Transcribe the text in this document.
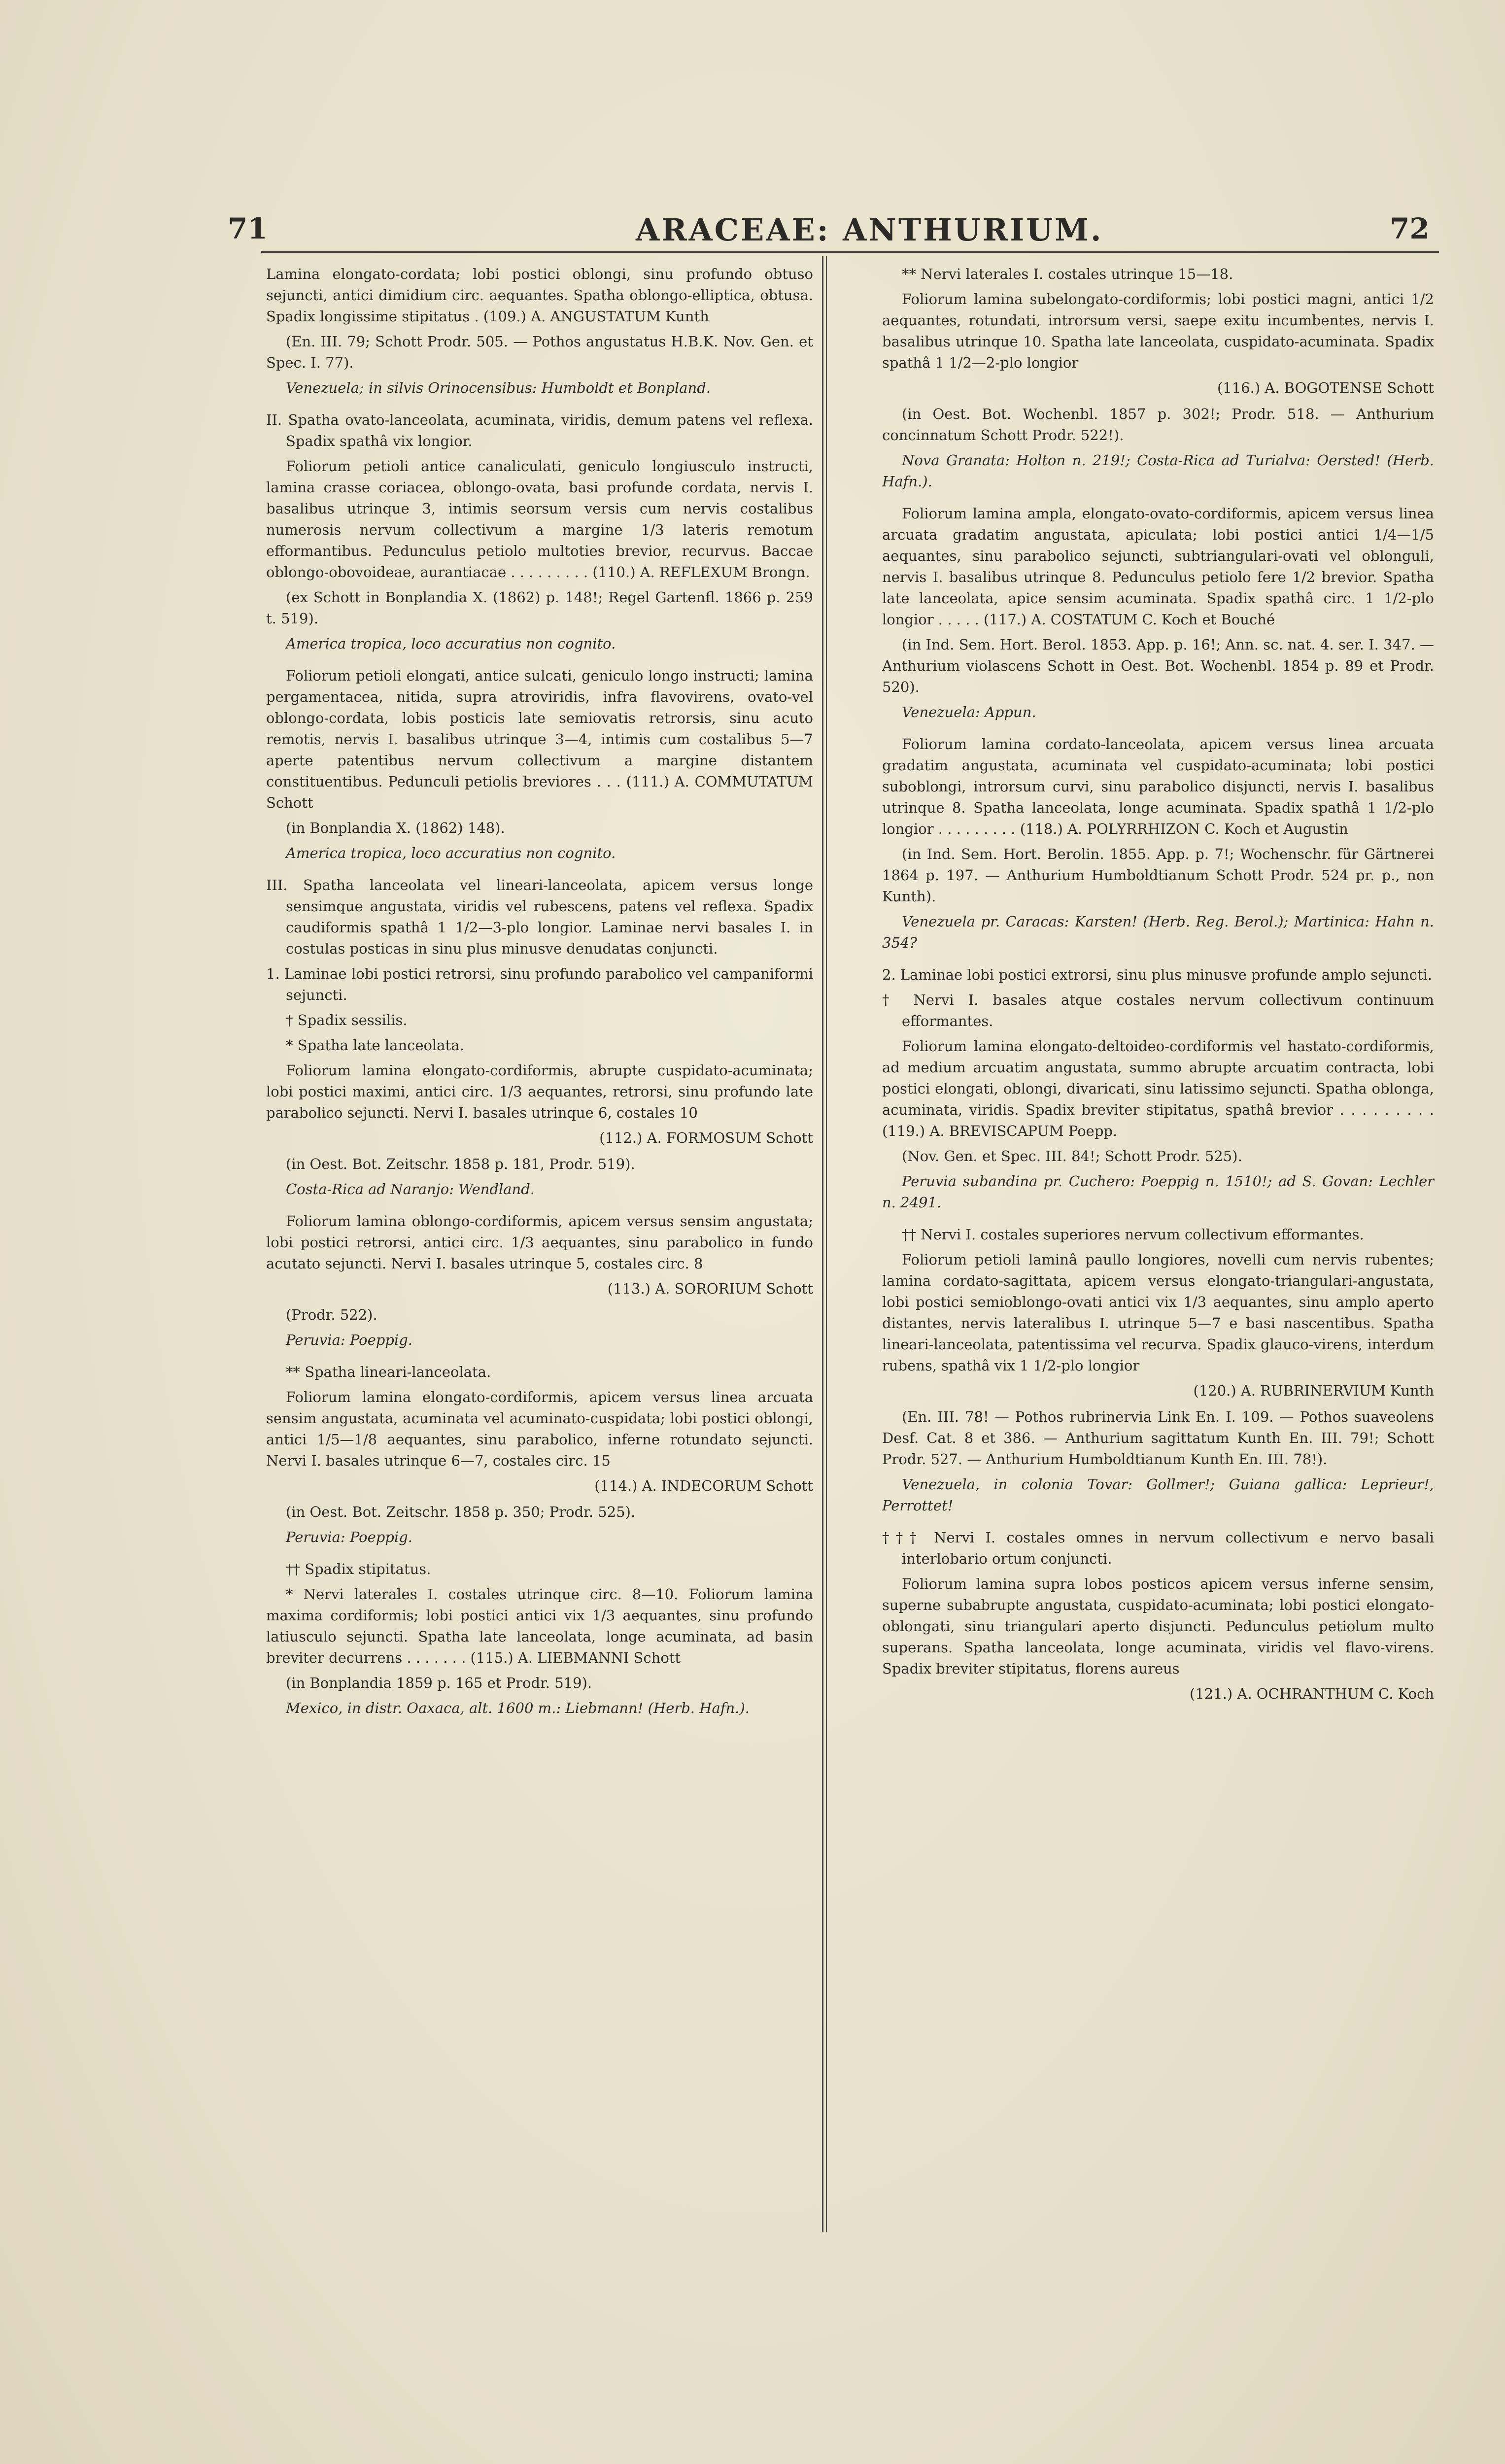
71	ARACEAE: ANTHURIUM.	72

Lamina elongato-cordata; lobi postici oblongi, sinu profundo obtuso sejuncti, antici dimidium circ. aequantes. Spatha oblongo-elliptica, obtusa. Spadix longissime stipitatus . (109.) A. ANGUSTATUM Kunth

(En. III. 79; Schott Prodr. 505. — Pothos angustatus H.B.K. Nov. Gen. et Spec. I. 77).

Venezuela; in silvis Orinocensibus: Humboldt et Bonpland.

II. Spatha ovato-lanceolata, acuminata, viridis, demum patens vel reflexa. Spadix spathâ vix longior.

Foliorum petioli antice canaliculati, geniculo longiusculo instructi, lamina crasse coriacea, oblongo-ovata, basi profunde cordata, nervis I. basalibus utrinque 3, intimis seorsum versis cum nervis costalibus numerosis nervum collectivum a margine 1/3 lateris remotum efformantibus. Pedunculus petiolo multoties brevior, recurvus. Baccae oblongo-obovoideae, aurantiacae . . . . . . . . . (110.) A. REFLEXUM Brongn.

(ex Schott in Bonplandia X. (1862) p. 148!; Regel Gartenfl. 1866 p. 259 t. 519).

America tropica, loco accuratius non cognito.

Foliorum petioli elongati, antice sulcati, geniculo longo instructi; lamina pergamentacea, nitida, supra atroviridis, infra flavovirens, ovato-vel oblongo-cordata, lobis posticis late semiovatis retrorsis, sinu acuto remotis, nervis I. basalibus utrinque 3—4, intimis cum costalibus 5—7 aperte patentibus nervum collectivum a margine distantem constituentibus. Pedunculi petiolis breviores . . . (111.) A. COMMUTATUM Schott

(in Bonplandia X. (1862) 148).

America tropica, loco accuratius non cognito.

III. Spatha lanceolata vel lineari-lanceolata, apicem versus longe sensimque angustata, viridis vel rubescens, patens vel reflexa. Spadix caudiformis spathâ 1 1/2—3-plo longior. Laminae nervi basales I. in costulas posticas in sinu plus minusve denudatas conjuncti.

1. Laminae lobi postici retrorsi, sinu profundo parabolico vel campaniformi sejuncti.

† Spadix sessilis.

* Spatha late lanceolata.

Foliorum lamina elongato-cordiformis, abrupte cuspidato-acuminata; lobi postici maximi, antici circ. 1/3 aequantes, retrorsi, sinu profundo late parabolico sejuncti. Nervi I. basales utrinque 6, costales 10

(112.) A. FORMOSUM Schott

(in Oest. Bot. Zeitschr. 1858 p. 181, Prodr. 519).

Costa-Rica ad Naranjo: Wendland.

Foliorum lamina oblongo-cordiformis, apicem versus sensim angustata; lobi postici retrorsi, antici circ. 1/3 aequantes, sinu parabolico in fundo acutato sejuncti. Nervi I. basales utrinque 5, costales circ. 8

(113.) A. SORORIUM Schott

(Prodr. 522).

Peruvia: Poeppig.

** Spatha lineari-lanceolata.

Foliorum lamina elongato-cordiformis, apicem versus linea arcuata sensim angustata, acuminata vel acuminato-cuspidata; lobi postici oblongi, antici 1/5—1/8 aequantes, sinu parabolico, inferne rotundato sejuncti. Nervi I. basales utrinque 6—7, costales circ. 15

(114.) A. INDECORUM Schott

(in Oest. Bot. Zeitschr. 1858 p. 350; Prodr. 525).

Peruvia: Poeppig.

†† Spadix stipitatus.

* Nervi laterales I. costales utrinque circ. 8—10. Foliorum lamina maxima cordiformis; lobi postici antici vix 1/3 aequantes, sinu profundo latiusculo sejuncti. Spatha late lanceolata, longe acuminata, ad basin breviter decurrens . . . . . . . (115.) A. LIEBMANNI Schott

(in Bonplandia 1859 p. 165 et Prodr. 519).

Mexico, in distr. Oaxaca, alt. 1600 m.: Liebmann! (Herb. Hafn.).

** Nervi laterales I. costales utrinque 15—18.

Foliorum lamina subelongato-cordiformis; lobi postici magni, antici 1/2 aequantes, rotundati, introrsum versi, saepe exitu incumbentes, nervis I. basalibus utrinque 10. Spatha late lanceolata, cuspidato-acuminata. Spadix spathâ 1 1/2—2-plo longior

(116.) A. BOGOTENSE Schott

(in Oest. Bot. Wochenbl. 1857 p. 302!; Prodr. 518. — Anthurium concinnatum Schott Prodr. 522!).

Nova Granata: Holton n. 219!; Costa-Rica ad Turialva: Oersted! (Herb. Hafn.).

Foliorum lamina ampla, elongato-ovato-cordiformis, apicem versus linea arcuata gradatim angustata, apiculata; lobi postici antici 1/4—1/5 aequantes, sinu parabolico sejuncti, subtriangulari-ovati vel oblonguli, nervis I. basalibus utrinque 8. Pedunculus petiolo fere 1/2 brevior. Spatha late lanceolata, apice sensim acuminata. Spadix spathâ circ. 1 1/2-plo longior . . . . . (117.) A. COSTATUM C. Koch et Bouché

(in Ind. Sem. Hort. Berol. 1853. App. p. 16!; Ann. sc. nat. 4. ser. I. 347. — Anthurium violascens Schott in Oest. Bot. Wochenbl. 1854 p. 89 et Prodr. 520).

Venezuela: Appun.

Foliorum lamina cordato-lanceolata, apicem versus linea arcuata gradatim angustata, acuminata vel cuspidato-acuminata; lobi postici suboblongi, introrsum curvi, sinu parabolico disjuncti, nervis I. basalibus utrinque 8. Spatha lanceolata, longe acuminata. Spadix spathâ 1 1/2-plo longior . . . . . . . . . (118.) A. POLYRRHIZON C. Koch et Augustin

(in Ind. Sem. Hort. Berolin. 1855. App. p. 7!; Wochenschr. für Gärtnerei 1864 p. 197. — Anthurium Humboldtianum Schott Prodr. 524 pr. p., non Kunth).

Venezuela pr. Caracas: Karsten! (Herb. Reg. Berol.); Martinica: Hahn n. 354?

2. Laminae lobi postici extrorsi, sinu plus minusve profunde amplo sejuncti.

† Nervi I. basales atque costales nervum collectivum continuum efformantes.

Foliorum lamina elongato-deltoideo-cordiformis vel hastato-cordiformis, ad medium arcuatim angustata, summo abrupte arcuatim contracta, lobi postici elongati, oblongi, divaricati, sinu latissimo sejuncti. Spatha oblonga, acuminata, viridis. Spadix breviter stipitatus, spathâ brevior . . . . . . . . . (119.) A. BREVISCAPUM Poepp.

(Nov. Gen. et Spec. III. 84!; Schott Prodr. 525).

Peruvia subandina pr. Cuchero: Poeppig n. 1510!; ad S. Govan: Lechler n. 2491.

†† Nervi I. costales superiores nervum collectivum efformantes.

Foliorum petioli laminâ paullo longiores, novelli cum nervis rubentes; lamina cordato-sagittata, apicem versus elongato-triangulari-angustata, lobi postici semioblongo-ovati antici vix 1/3 aequantes, sinu amplo aperto distantes, nervis lateralibus I. utrinque 5—7 e basi nascentibus. Spatha lineari-lanceolata, patentissima vel recurva. Spadix glauco-virens, interdum rubens, spathâ vix 1 1/2-plo longior

(120.) A. RUBRINERVIUM Kunth

(En. III. 78! — Pothos rubrinervia Link En. I. 109. — Pothos suaveolens Desf. Cat. 8 et 386. — Anthurium sagittatum Kunth En. III. 79!; Schott Prodr. 527. — Anthurium Humboldtianum Kunth En. III. 78!).

Venezuela, in colonia Tovar: Gollmer!; Guiana gallica: Leprieur!, Perrottet!

††† Nervi I. costales omnes in nervum collectivum e nervo basali interlobario ortum conjuncti.

Foliorum lamina supra lobos posticos apicem versus inferne sensim, superne subabrupte angustata, cuspidato-acuminata; lobi postici elongato-oblongati, sinu triangulari aperto disjuncti. Pedunculus petiolum multo superans. Spatha lanceolata, longe acuminata, viridis vel flavo-virens. Spadix breviter stipitatus, florens aureus

(121.) A. OCHRANTHUM C. Koch
